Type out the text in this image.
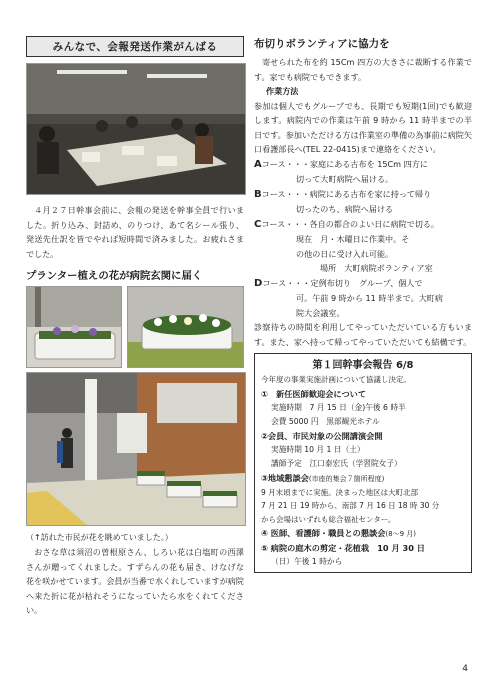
みんなで、会報発送作業がんばる

４月２７日幹事会前に、会報の発送を幹事全員で行いました。折り込み、封詰め、のりつけ、あて名シール張り、発送先仕訳を皆でやれば短時間で済みました。お疲れさまでした。

プランター植えの花が病院玄関に届く
（↑訪れた市民が花を眺めていました。）

おさな草は須沼の曽根原さん、しろい花は白塩町の西澤さんが贈ってくれました。すずらんの花も届き、けなげな花を咲かせています。会員が当番で水くれしていますが病院へ来た折に花が枯れそうになっていたら水をくれてください。

布切りボランティアに協力を

寄せられた布を約 15Cm 四方の大きさに裁断する作業です。家でも病院でもできます。

作業方法

参加は個人でもグループでも、長期でも短期(1回)でも歓迎します。病院内での作業は午前 9 時から 11 時半までの半日です。参加いただける方は作業室の準備の為事前に病院矢口看護部長へ(TEL 22-0415)まで連絡をください。

Aコース・・・家庭にある古布を 15Cm 四方に

切って大町病院へ届ける。

Bコース・・・病院にある古布を家に持って帰り

切ったのち、病院へ届ける

Cコース・・・各自の都合のよい日に病院で切る。

現在　月・木曜日に作業中。そ

の他の日に受け入れ可能。

場所　大町病院ボランティア室

Dコース・・・定例布切り　グループ、個人で

可。午前 9 時から 11 時半まで。大町病

院大会議室。

診察待ちの時間を利用してやっていただいている方もいます。また、家へ持って帰ってやっていただいても結構です。

第１回幹事会報告 6/8

今年度の事業実施計画について協議し決定。

①　新任医師歓迎会について

実施時期　7 月 15 日（金)午後 6 時半

会費 5000 円　黒部観光ホテル

②会員、市民対象の公開講演会開

実施時期 10 月 1 日（土）

講師予定　江口泰宏氏（学習院女子）

③地域懇談会(市座的集会７箇所程度)

9 月末頃までに実施。決まった地区は大町北部

7 月 21 日 19 時から、南部 7 月 16 日 18 時 30 分

から会場はいずれも総合福祉センター。

④ 医師、看護師・職員との懇談会(8〜9 月)

⑤ 病院の庭木の剪定・花植栽　10 月 30 日

（日）午後 1 時から

4
